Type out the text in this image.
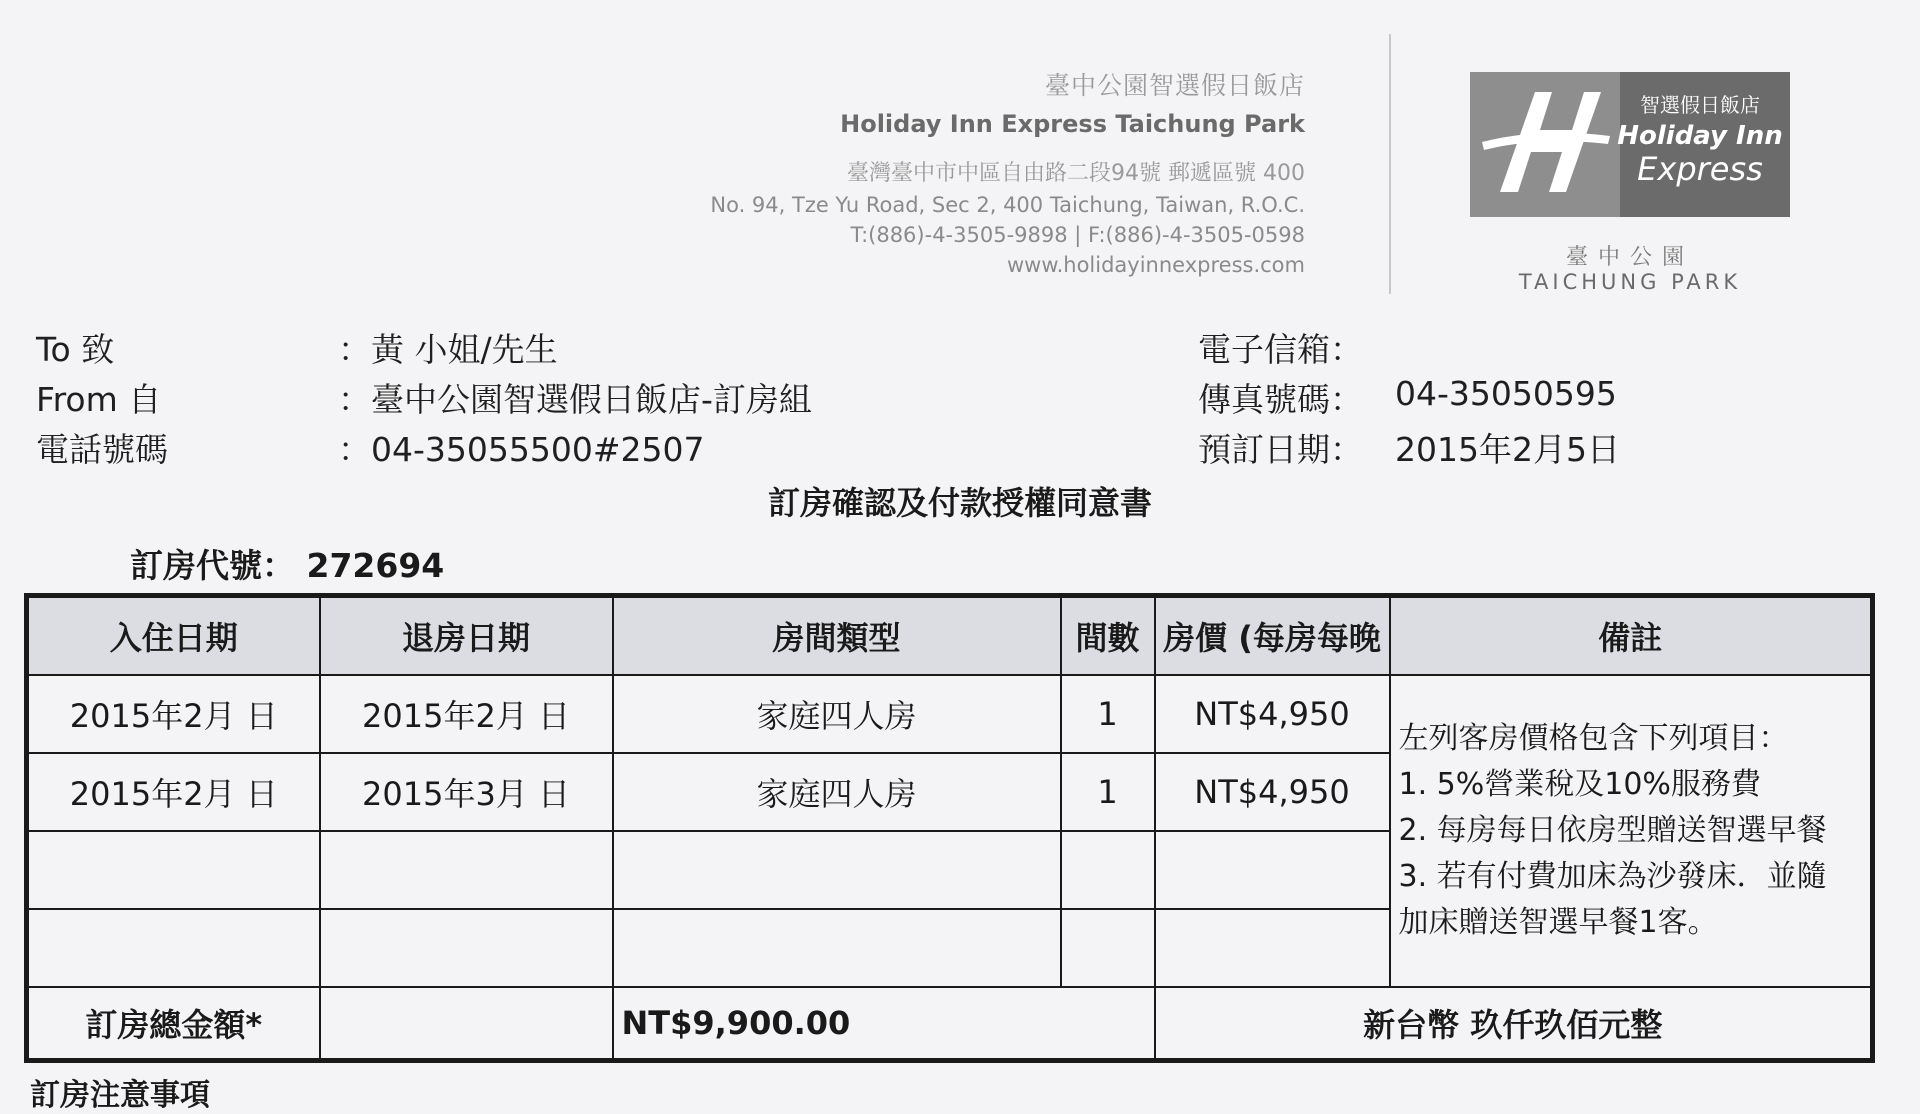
臺中公園智選假日飯店
Holiday Inn Express Taichung Park
臺灣臺中市中區自由路二段94號 郵遞區號 400
No. 94, Tze Yu Road, Sec 2, 400 Taichung, Taiwan, R.O.C.
T:(886)-4-3505-9898 | F:(886)-4-3505-0598
www.holidayinnexpress.com
智選假日飯店
Holiday Inn
Express
臺中公園
TAICHUNG PARK
To 致	：黃 小姐/先生
From 自	：臺中公園智選假日飯店-訂房組
電話號碼	：04-35055500#2507
電子信箱：
傳真號碼： 04-35050595
預訂日期： 2015年2月5日
訂房確認及付款授權同意書
訂房代號： 272694
入住日期	退房日期	房間類型	間數	房價 (每房每晚	備註
2015年2月 日	2015年2月 日	家庭四人房	1	NT$4,950	左列客房價格包含下列項目：
1. 5%營業稅及10%服務費
2. 每房每日依房型贈送智選早餐
3. 若有付費加床為沙發床．並隨
加床贈送智選早餐1客。

2015年2月 日	2015年3月 日	家庭四人房	1	NT$4,950	

訂房總金額*		NT$9,900.00		新台幣 玖仟玖佰元整	
訂房注意事項
